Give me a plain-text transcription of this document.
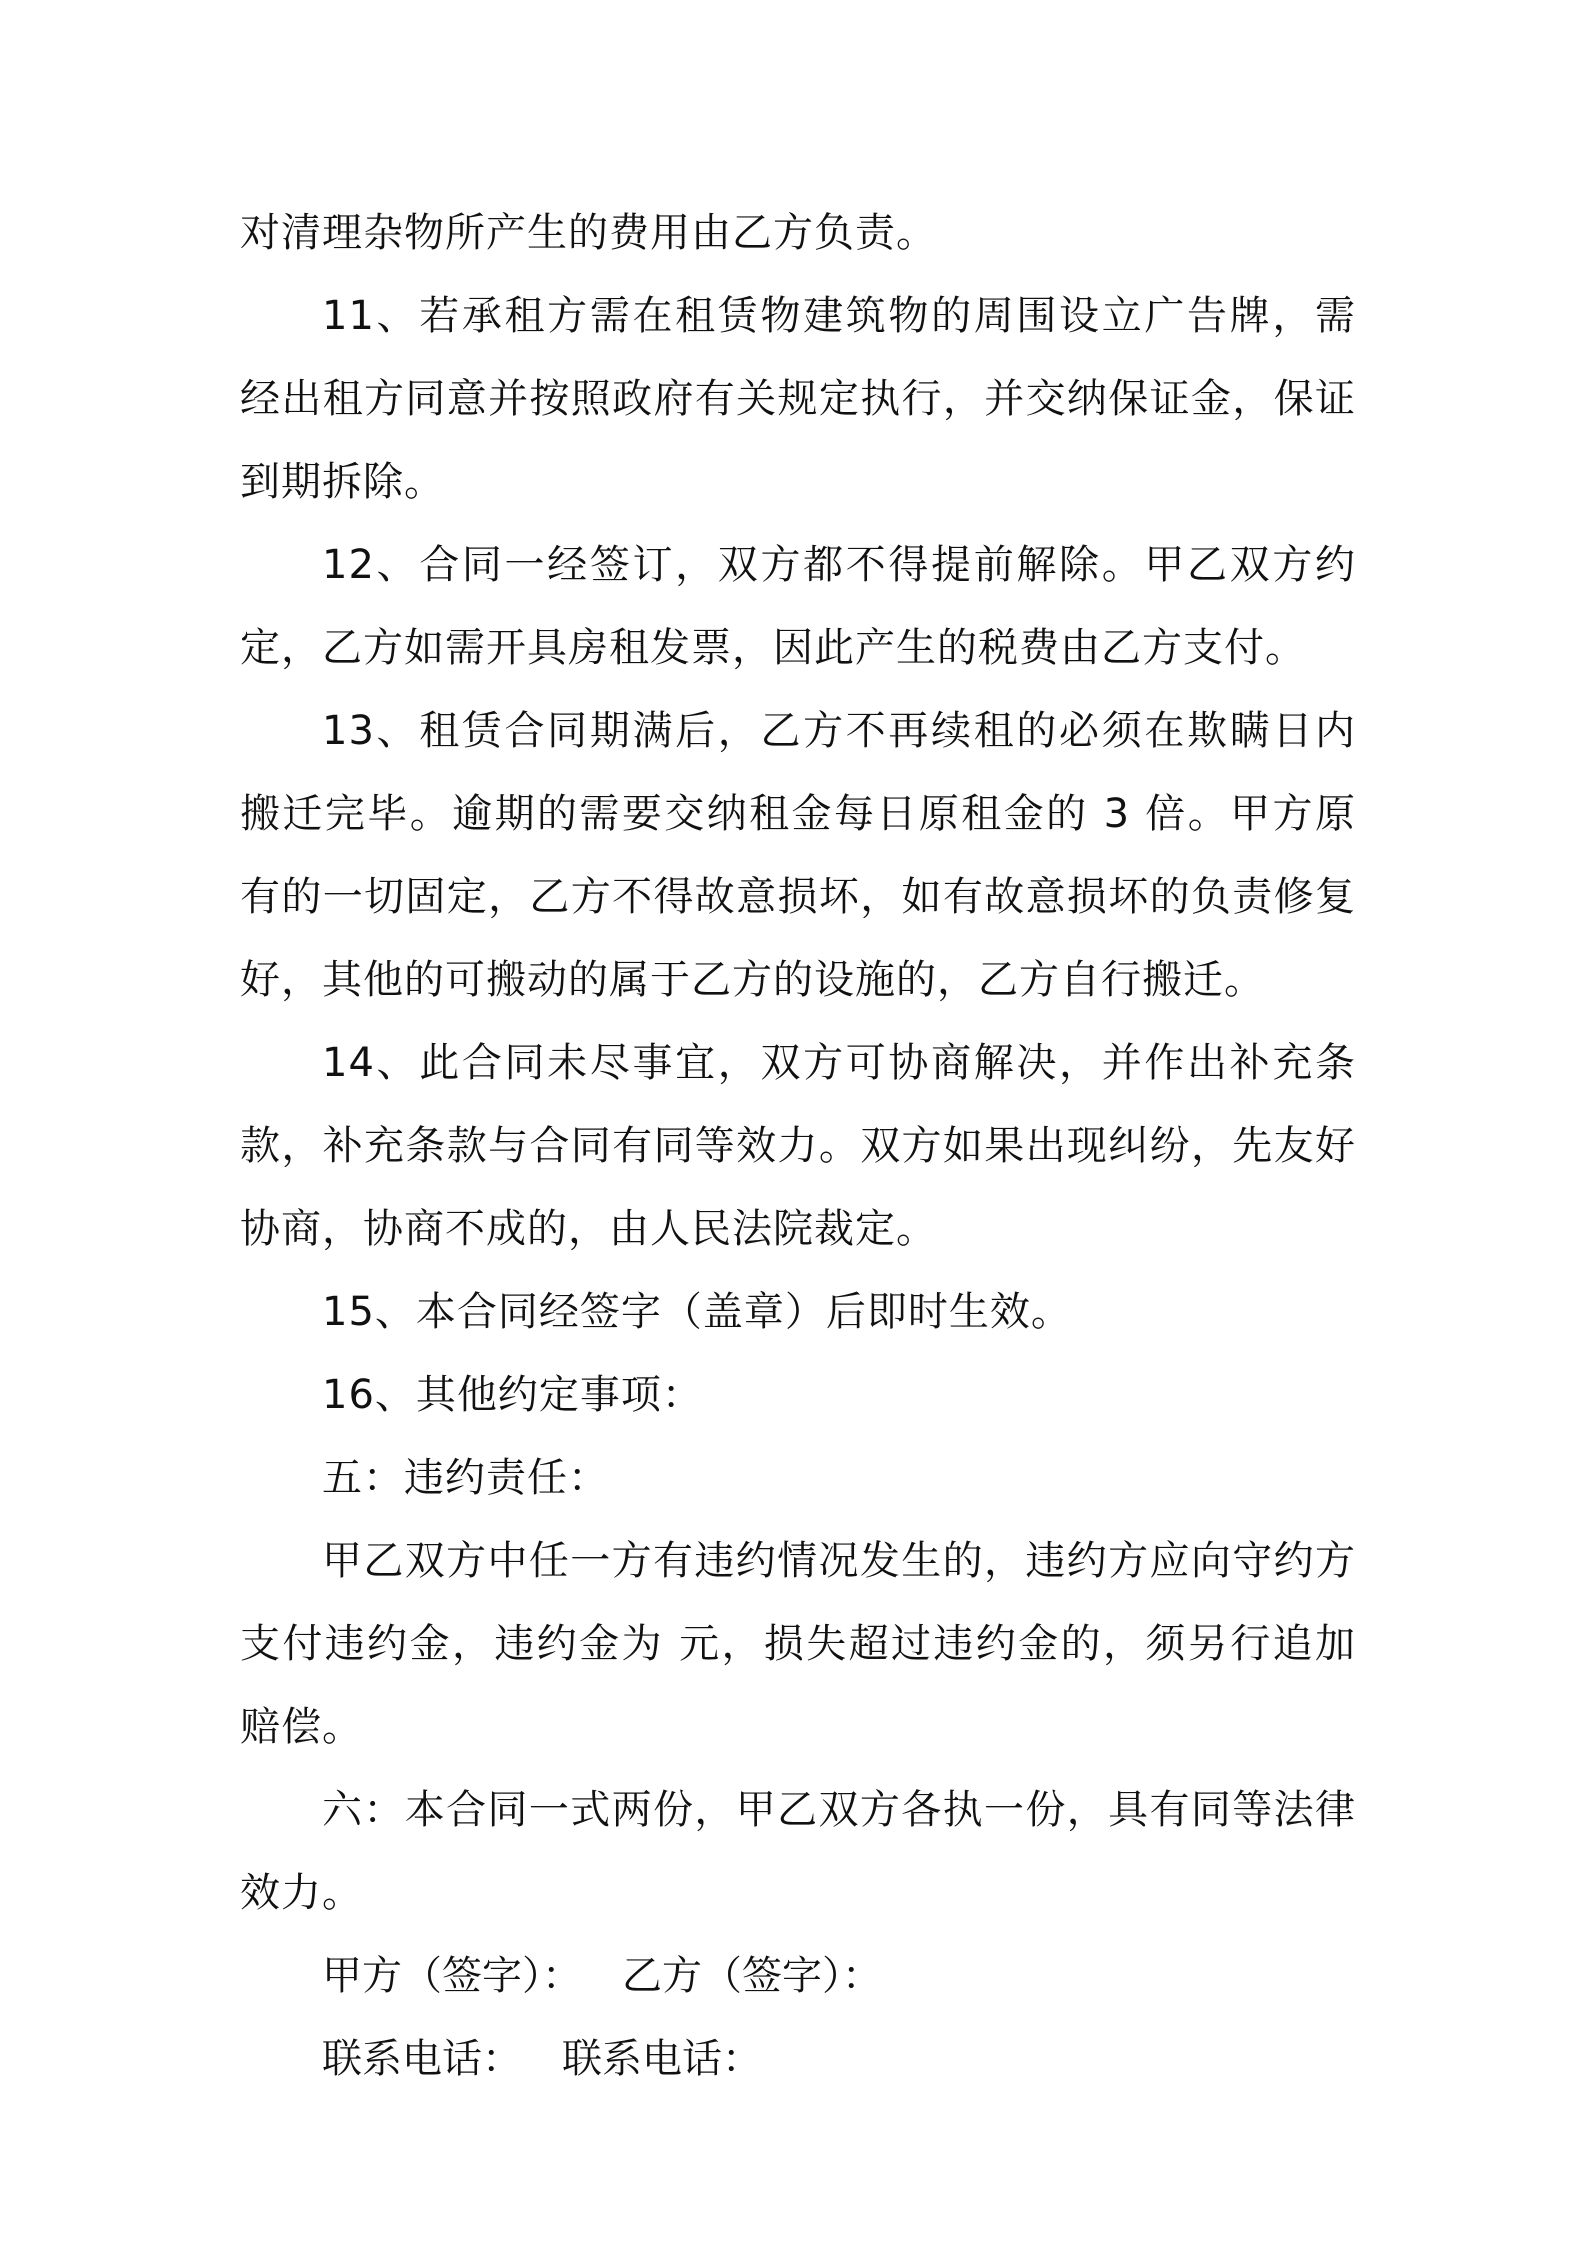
对清理杂物所产生的费用由乙方负责。

11、若承租方需在租赁物建筑物的周围设立广告牌，需经出租方同意并按照政府有关规定执行，并交纳保证金，保证到期拆除。

12、合同一经签订，双方都不得提前解除。甲乙双方约定，乙方如需开具房租发票，因此产生的税费由乙方支付。

13、租赁合同期满后，乙方不再续租的必须在欺瞒日内搬迁完毕。逾期的需要交纳租金每日原租金的 3 倍。甲方原有的一切固定，乙方不得故意损坏，如有故意损坏的负责修复好，其他的可搬动的属于乙方的设施的，乙方自行搬迁。

14、此合同未尽事宜，双方可协商解决，并作出补充条款，补充条款与合同有同等效力。双方如果出现纠纷，先友好协商，协商不成的，由人民法院裁定。

15、本合同经签字（盖章）后即时生效。

16、其他约定事项：

五：违约责任：

甲乙双方中任一方有违约情况发生的，违约方应向守约方支付违约金，违约金为 元，损失超过违约金的，须另行追加赔偿。

六：本合同一式两份，甲乙双方各执一份，具有同等法律效力。

甲方（签字）： 乙方（签字）：
联系电话： 联系电话：
